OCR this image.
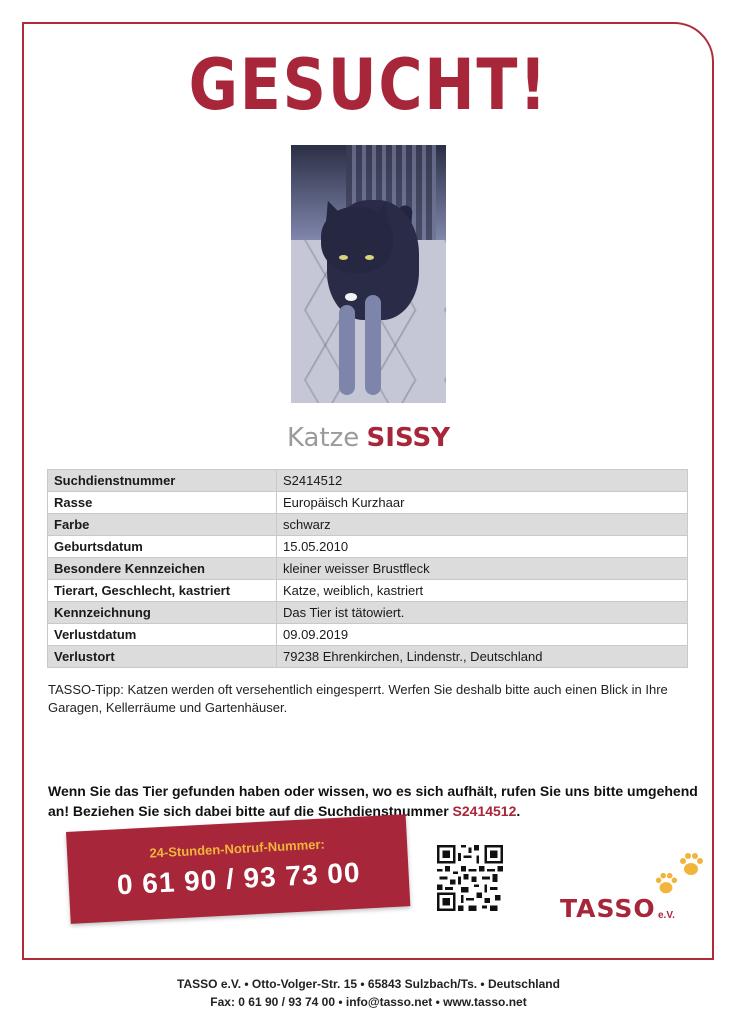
GESUCHT!
Katze SISSY
Suchdienstnummer	S2414512
Rasse	Europäisch Kurzhaar
Farbe	schwarz
Geburtsdatum	15.05.2010
Besondere Kennzeichen	kleiner weisser Brustfleck
Tierart, Geschlecht, kastriert	Katze, weiblich, kastriert
Kennzeichnung	Das Tier ist tätowiert.
Verlustdatum	09.09.2019
Verlustort	79238 Ehrenkirchen, Lindenstr., Deutschland
TASSO-Tipp: Katzen werden oft versehentlich eingesperrt. Werfen Sie deshalb bitte auch einen Blick in Ihre Garagen, Kellerräume und Gartenhäuser.
Wenn Sie das Tier gefunden haben oder wissen, wo es sich aufhält, rufen Sie uns bitte umgehend an! Beziehen Sie sich dabei bitte auf die Suchdienstnummer S2414512.
24-Stunden-Notruf-Nummer:
0 61 90 / 93 73 00
TASSO e.V.
TASSO e.V. • Otto-Volger-Str. 15 • 65843 Sulzbach/Ts. • Deutschland
Fax: 0 61 90 / 93 74 00 • info@tasso.net • www.tasso.net
